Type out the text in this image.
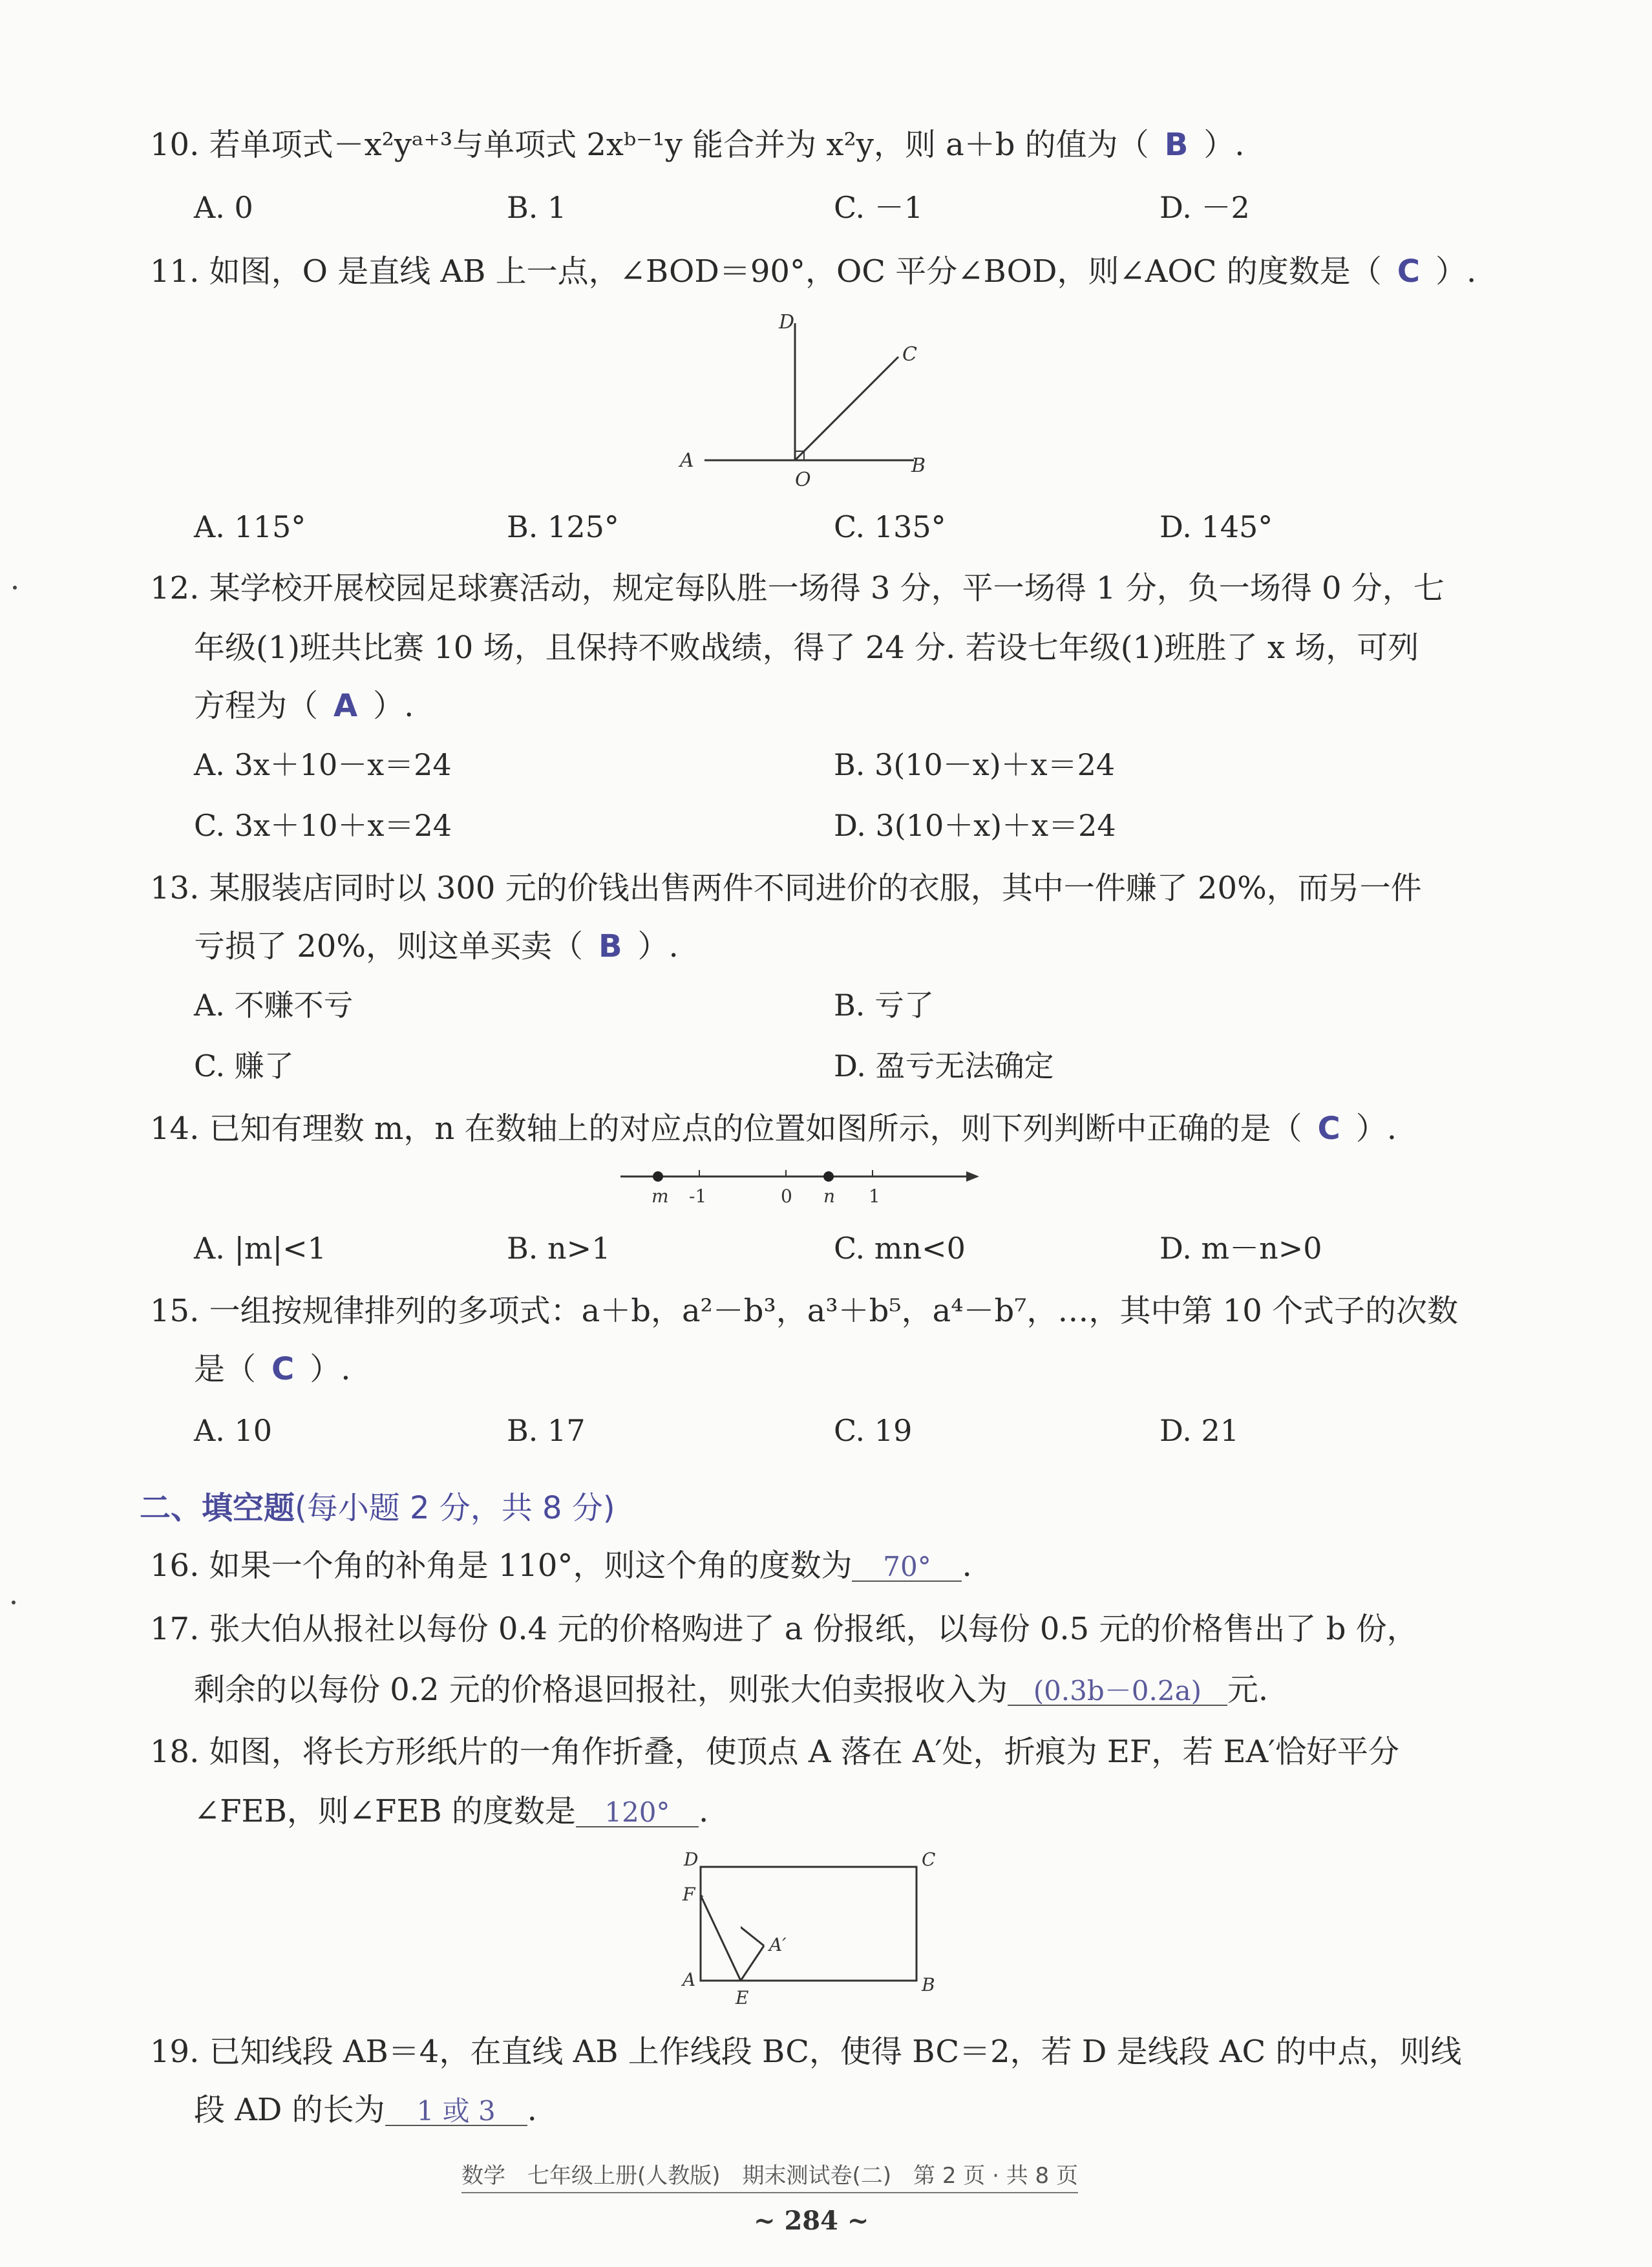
10. 若单项式－x²yᵃ⁺³与单项式 2xᵇ⁻¹y 能合并为 x²y，则 a＋b 的值为（ B ）.
A. 0	B. 1	C. －1	D. －2
11. 如图，O 是直线 AB 上一点，∠BOD＝90°，OC 平分∠BOD，则∠AOC 的度数是（ C ）.
D
C
A
O
B
A. 115°	B. 125°	C. 135°	D. 145°
12. 某学校开展校园足球赛活动，规定每队胜一场得 3 分，平一场得 1 分，负一场得 0 分，七
年级(1)班共比赛 10 场，且保持不败战绩，得了 24 分. 若设七年级(1)班胜了 x 场，可列
方程为（ A ）.
A. 3x＋10－x＝24	B. 3(10－x)＋x＝24
C. 3x＋10＋x＝24	D. 3(10＋x)＋x＝24
13. 某服装店同时以 300 元的价钱出售两件不同进价的衣服，其中一件赚了 20%，而另一件
亏损了 20%，则这单买卖（ B ）.
A. 不赚不亏	B. 亏了
C. 赚了	D. 盈亏无法确定
14. 已知有理数 m，n 在数轴上的对应点的位置如图所示，则下列判断中正确的是（ C ）.
m -1	0 n 1
A. |m|<1	B. n>1	C. mn<0	D. m－n>0
15. 一组按规律排列的多项式：a＋b，a²－b³，a³＋b⁵，a⁴－b⁷，…，其中第 10 个式子的次数
是（ C ）.
A. 10	B. 17	C. 19	D. 21
二、填空题(每小题 2 分，共 8 分)
16. 如果一个角的补角是 110°，则这个角的度数为 70° .
17. 张大伯从报社以每份 0.4 元的价格购进了 a 份报纸，以每份 0.5 元的价格售出了 b 份，
剩余的以每份 0.2 元的价格退回报社，则张大伯卖报收入为 (0.3b－0.2a) 元.
18. 如图，将长方形纸片的一角作折叠，使顶点 A 落在 A′处，折痕为 EF，若 EA′恰好平分
∠FEB，则∠FEB 的度数是 120° .
D	C
F
A′
A
E
B
19. 已知线段 AB＝4，在直线 AB 上作线段 BC，使得 BC＝2，若 D 是线段 AC 的中点，则线
段 AD 的长为 1 或 3 .
数学　七年级上册(人教版)　期末测试卷(二)　第 2 页 · 共 8 页
~ 284 ~
